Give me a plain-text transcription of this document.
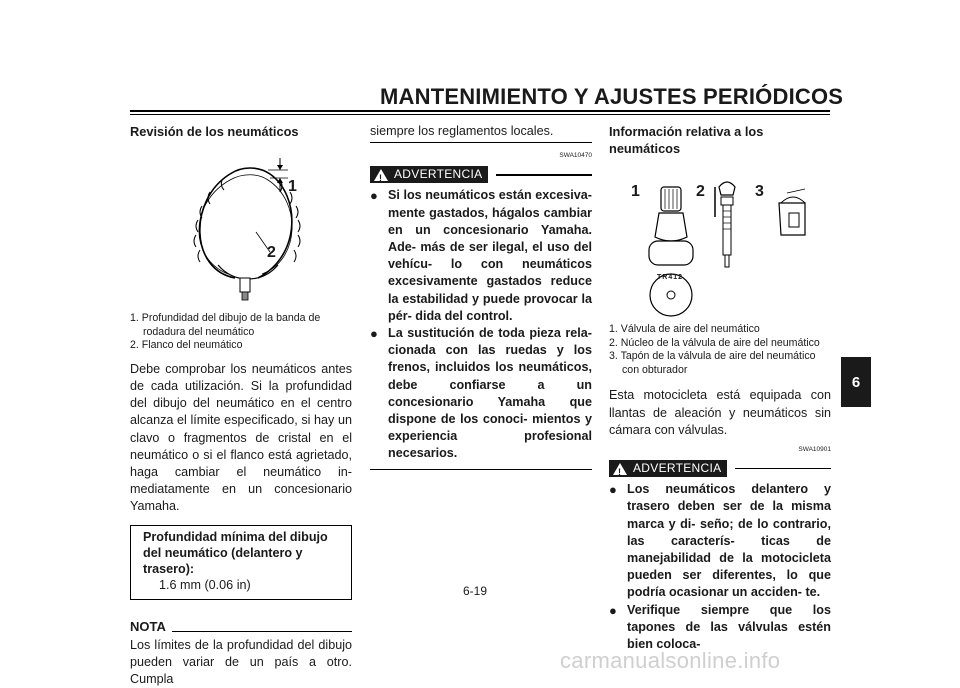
MANTENIMIENTO Y AJUSTES PERIÓDICOS
6
Revisión de los neumáticos
1
2
1. Profundidad del dibujo de la banda de
rodadura del neumático
2. Flanco del neumático
Debe comprobar los neumáticos antes de cada utilización. Si la profundidad del dibujo del neumático en el centro alcanza el límite especificado, si hay un clavo o fragmentos de cristal en el neumático o si el flanco está agrietado, haga cambiar el neumático in- mediatamente en un concesionario Yamaha.
Profundidad mínima del dibujo del neumático (delantero y trasero):
1.6 mm (0.06 in)
NOTA
Los límites de la profundidad del dibujo pueden variar de un país a otro. Cumpla
siempre los reglamentos locales.
SWA10470
! ADVERTENCIA
● Si los neumáticos están excesiva- mente gastados, hágalos cambiar en un concesionario Yamaha. Ade- más de ser ilegal, el uso del vehícu- lo con neumáticos excesivamente gastados reduce la estabilidad y puede provocar la pér- dida del control.
● La sustitución de toda pieza rela- cionada con las ruedas y los frenos, incluidos los neumáticos, debe confiarse a un concesionario Yamaha que dispone de los conoci- mientos y experiencia profesional necesarios.
Información relativa a los neumáticos
1	2	3
TR412
1. Válvula de aire del neumático
2. Núcleo de la válvula de aire del neumático
3. Tapón de la válvula de aire del neumático
con obturador
Esta motocicleta está equipada con llantas de aleación y neumáticos sin cámara con válvulas.
SWA10901
! ADVERTENCIA
● Los neumáticos delantero y trasero deben ser de la misma marca y di- seño; de lo contrario, las caracterís- ticas de manejabilidad de la motocicleta pueden ser diferentes, lo que podría ocasionar un acciden- te.
● Verifique siempre que los tapones de las válvulas estén bien coloca-
6-19
carmanualsonline.info
